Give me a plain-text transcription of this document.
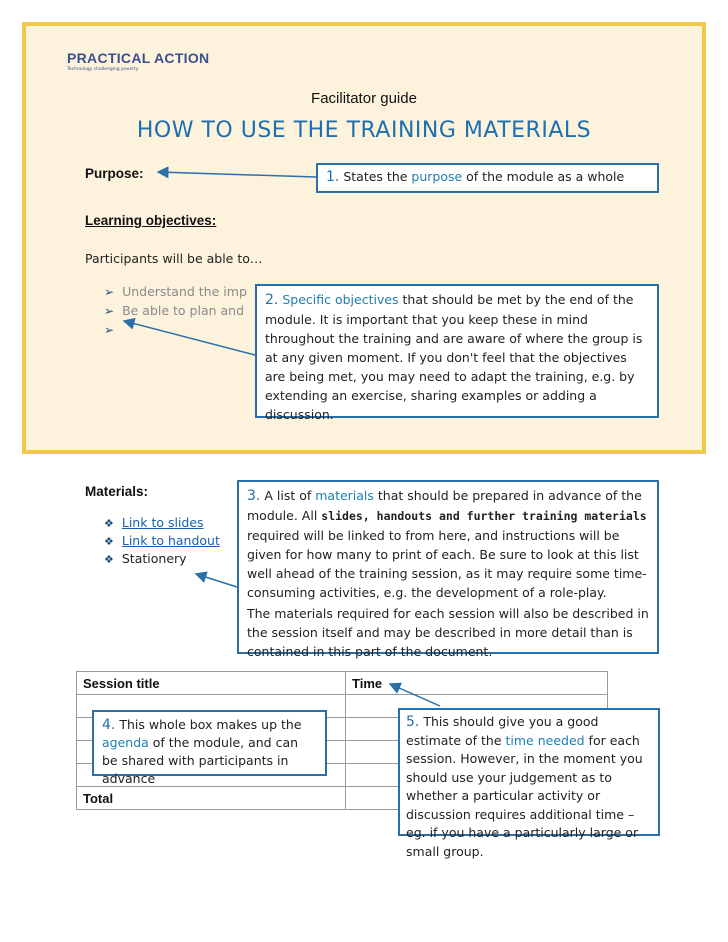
PRACTICAL ACTION
Technology challenging poverty
Facilitator guide
HOW TO USE THE TRAINING MATERIALS
Purpose:
Learning objectives:
Participants will be able to…
➢ Understand the imp
➢ Be able to plan and
➢
1. States the purpose of the module as a whole
2. Specific objectives that should be met by the end of the module. It is important that you keep these in mind throughout the training and are aware of where the group is at any given moment. If you don't feel that the objectives are being met, you may need to adapt the training, e.g. by extending an exercise, sharing examples or adding a discussion.
Materials:
❖ Link to slides
❖ Link to handout
❖ Stationery
3. A list of materials that should be prepared in advance of the module. All slides, handouts and further training materials required will be linked to from here, and instructions will be given for how many to print of each. Be sure to look at this list well ahead of the training session, as it may require some time-consuming activities, e.g. the development of a role-play.
The materials required for each session will also be described in the session itself and may be described in more detail than is contained in this part of the document.
Session title	Time

Total	
4. This whole box makes up the agenda of the module, and can be shared with participants in advance
5. This should give you a good estimate of the time needed for each session. However, in the moment you should use your judgement as to whether a particular activity or discussion requires additional time – eg. if you have a particularly large or small group.
